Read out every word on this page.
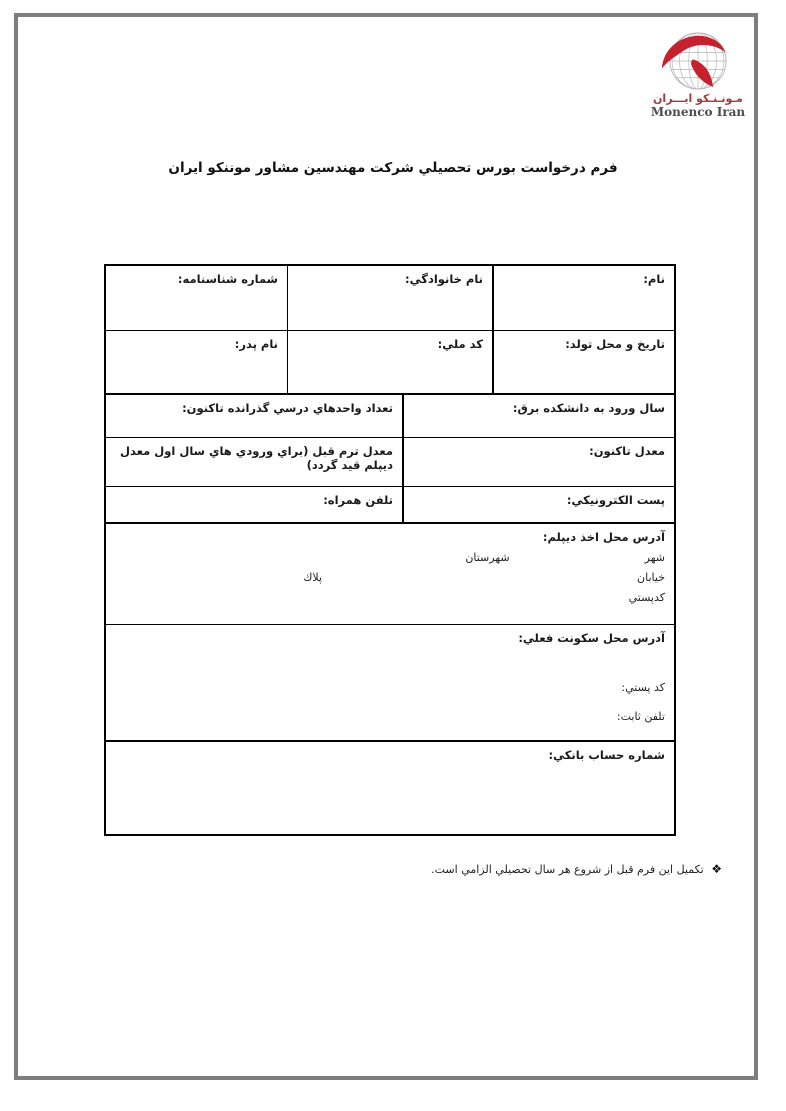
مـونـنـكو ايـــران
Monenco Iran
فرم درخواست بورس تحصيلي شركت مهندسين مشاور موننكو ايران
نام:
نام خانوادگي:
شماره شناسنامه:
تاريخ و محل تولد:
كد ملي:
نام پدر:
سال ورود به دانشكده برق:
تعداد واحدهاي درسي گذرانده تاكنون:
معدل تاكنون:
معدل ترم قبل (براي ورودي هاي سال اول معدل ديپلم قيد گردد)
پست الكترونيكي:
تلفن همراه:
آدرس محل اخذ ديپلم:
شهر
شهرستان
خيابان
پلاك
كدپستي
آدرس محل سكونت فعلي:
كد پستي:
تلفن ثابت:
شماره حساب بانكي:
❖ تكميل اين فرم قبل از شروع هر سال تحصيلي الزامي است.
